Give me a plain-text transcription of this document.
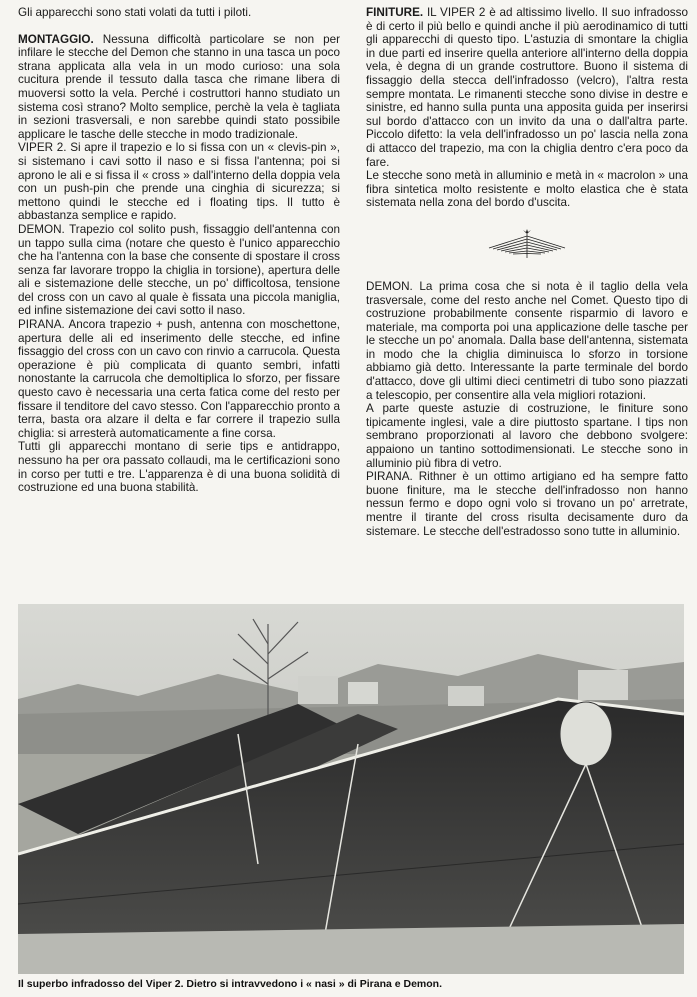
Gli apparecchi sono stati volati da tutti i piloti.

MONTAGGIO. Nessuna difficoltà particolare se non per infilare le stecche del Demon che stanno in una tasca un poco strana applicata alla vela in un modo curioso: una sola cucitura prende il tessuto dalla tasca che rimane libera di muoversi sotto la vela. Perché i costruttori hanno studiato un sistema così strano? Molto semplice, perchè la vela è tagliata in sezioni trasversali, e non sarebbe quindi stato possibile applicare le tasche delle stecche in modo tradizionale.

VIPER 2. Si apre il trapezio e lo si fissa con un « clevis-pin », si sistemano i cavi sotto il naso e si fissa l'antenna; poi si aprono le ali e si fissa il « cross » dall'interno della doppia vela con un push-pin che prende una cinghia di sicurezza; si mettono quindi le stecche ed i floating tips. Il tutto è abbastanza semplice e rapido.

DEMON. Trapezio col solito push, fissaggio dell'antenna con un tappo sulla cima (notare che questo è l'unico apparecchio che ha l'antenna con la base che consente di spostare il cross senza far lavorare troppo la chiglia in torsione), apertura delle ali e sistemazione delle stecche, un po' difficoltosa, tensione del cross con un cavo al quale è fissata una piccola maniglia, ed infine sistemazione dei cavi sotto il naso.

PIRANA. Ancora trapezio + push, antenna con moschettone, apertura delle ali ed inserimento delle stecche, ed infine fissaggio del cross con un cavo con rinvio a carrucola. Questa operazione è più complicata di quanto sembri, infatti nonostante la carrucola che demoltiplica lo sforzo, per fissare questo cavo è necessaria una certa fatica come del resto per fissare il tenditore del cavo stesso. Con l'apparecchio pronto a terra, basta ora alzare il delta e far correre il trapezio sulla chiglia: si arresterà automaticamente a fine corsa.

Tutti gli apparecchi montano di serie tips e antidrappo, nessuno ha per ora passato collaudi, ma le certificazioni sono in corso per tutti e tre. L'apparenza è di una buona solidità di costruzione ed una buona stabilità.

FINITURE. IL VIPER 2 è ad altissimo livello. Il suo infradosso è di certo il più bello e quindi anche il più aerodinamico di tutti gli apparecchi di questo tipo. L'astuzia di smontare la chiglia in due parti ed inserire quella anteriore all'interno della doppia vela, è degna di un grande costruttore. Buono il sistema di fissaggio della stecca dell'infradosso (velcro), l'altra resta sempre montata. Le rimanenti stecche sono divise in destre e sinistre, ed hanno sulla punta una apposita guida per inserirsi sul bordo d'attacco con un invito da una o dall'altra parte. Piccolo difetto: la vela dell'infradosso un po' lascia nella zona di attacco del trapezio, ma con la chiglia dentro c'era poco da fare.

Le stecche sono metà in alluminio e metà in « macrolon » una fibra sintetica molto resistente e molto elastica che è stata sistemata nella zona del bordo d'uscita.

DEMON. La prima cosa che si nota è il taglio della vela trasversale, come del resto anche nel Comet. Questo tipo di costruzione probabilmente consente risparmio di lavoro e materiale, ma comporta poi una applicazione delle tasche per le stecche un po' anomala. Dalla base dell'antenna, sistemata in modo che la chiglia diminuisca lo sforzo in torsione abbiamo già detto. Interessante la parte terminale del bordo d'attacco, dove gli ultimi dieci centimetri di tubo sono piazzati a telescopio, per consentire alla vela migliori rotazioni.

A parte queste astuzie di costruzione, le finiture sono tipicamente inglesi, vale a dire piuttosto spartane. I tips non sembrano proporzionati al lavoro che debbono svolgere: appaiono un tantino sottodimensionati. Le stecche sono in alluminio più fibra di vetro.

PIRANA. Rithner è un ottimo artigiano ed ha sempre fatto buone finiture, ma le stecche dell'infradosso non hanno nessun fermo e dopo ogni volo si trovano un po' arretrate, mentre il tirante del cross risulta decisamente duro da sistemare. Le stecche dell'estradosso sono tutte in alluminio.

Il superbo infradosso del Viper 2. Dietro si intravvedono i « nasi » di Pirana e Demon.
